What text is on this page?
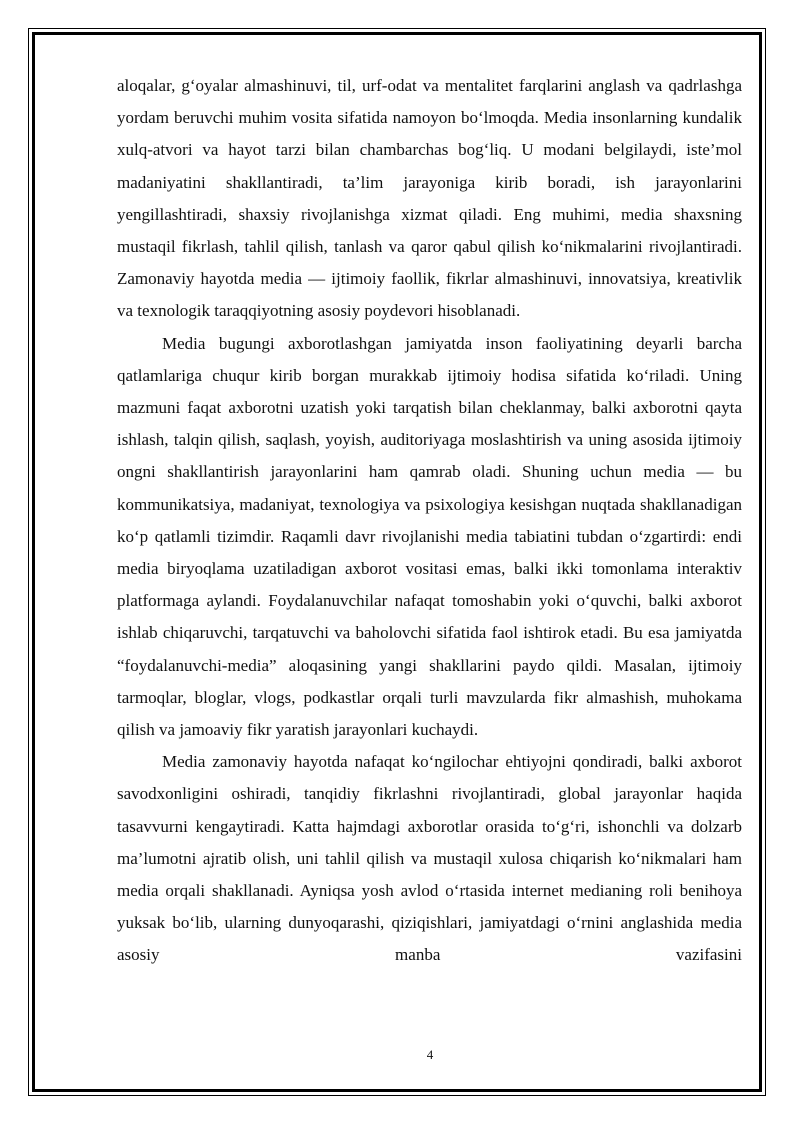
aloqalar, g‘oyalar almashinuvi, til, urf-odat va mentalitet farqlarini anglash va qadrlashga yordam beruvchi muhim vosita sifatida namoyon bo‘lmoqda. Media insonlarning kundalik xulq-atvori va hayot tarzi bilan chambarchas bog‘liq. U modani belgilaydi, iste’mol madaniyatini shakllantiradi, ta’lim jarayoniga kirib boradi, ish jarayonlarini yengillashtiradi, shaxsiy rivojlanishga xizmat qiladi. Eng muhimi, media shaxsning mustaqil fikrlash, tahlil qilish, tanlash va qaror qabul qilish ko‘nikmalarini rivojlantiradi. Zamonaviy hayotda media — ijtimoiy faollik, fikrlar almashinuvi, innovatsiya, kreativlik va texnologik taraqqiyotning asosiy poydevori hisoblanadi.

Media bugungi axborotlashgan jamiyatda inson faoliyatining deyarli barcha qatlamlariga chuqur kirib borgan murakkab ijtimoiy hodisa sifatida ko‘riladi. Uning mazmuni faqat axborotni uzatish yoki tarqatish bilan cheklanmay, balki axborotni qayta ishlash, talqin qilish, saqlash, yoyish, auditoriyaga moslashtirish va uning asosida ijtimoiy ongni shakllantirish jarayonlarini ham qamrab oladi. Shuning uchun media — bu kommunikatsiya, madaniyat, texnologiya va psixologiya kesishgan nuqtada shakllanadigan ko‘p qatlamli tizimdir. Raqamli davr rivojlanishi media tabiatini tubdan o‘zgartirdi: endi media biryoqlama uzatiladigan axborot vositasi emas, balki ikki tomonlama interaktiv platformaga aylandi. Foydalanuvchilar nafaqat tomoshabin yoki o‘quvchi, balki axborot ishlab chiqaruvchi, tarqatuvchi va baholovchi sifatida faol ishtirok etadi. Bu esa jamiyatda “foydalanuvchi-media” aloqasining yangi shakllarini paydo qildi. Masalan, ijtimoiy tarmoqlar, bloglar, vlogs, podkastlar orqali turli mavzularda fikr almashish, muhokama qilish va jamoaviy fikr yaratish jarayonlari kuchaydi.

Media zamonaviy hayotda nafaqat ko‘ngilochar ehtiyojni qondiradi, balki axborot savodxonligini oshiradi, tanqidiy fikrlashni rivojlantiradi, global jarayonlar haqida tasavvurni kengaytiradi. Katta hajmdagi axborotlar orasida to‘g‘ri, ishonchli va dolzarb ma’lumotni ajratib olish, uni tahlil qilish va mustaqil xulosa chiqarish ko‘nikmalari ham media orqali shakllanadi. Ayniqsa yosh avlod o‘rtasida internet medianing roli benihoya yuksak bo‘lib, ularning dunyoqarashi, qiziqishlari, jamiyatdagi o‘rnini anglashida media asosiy manba vazifasini

4
